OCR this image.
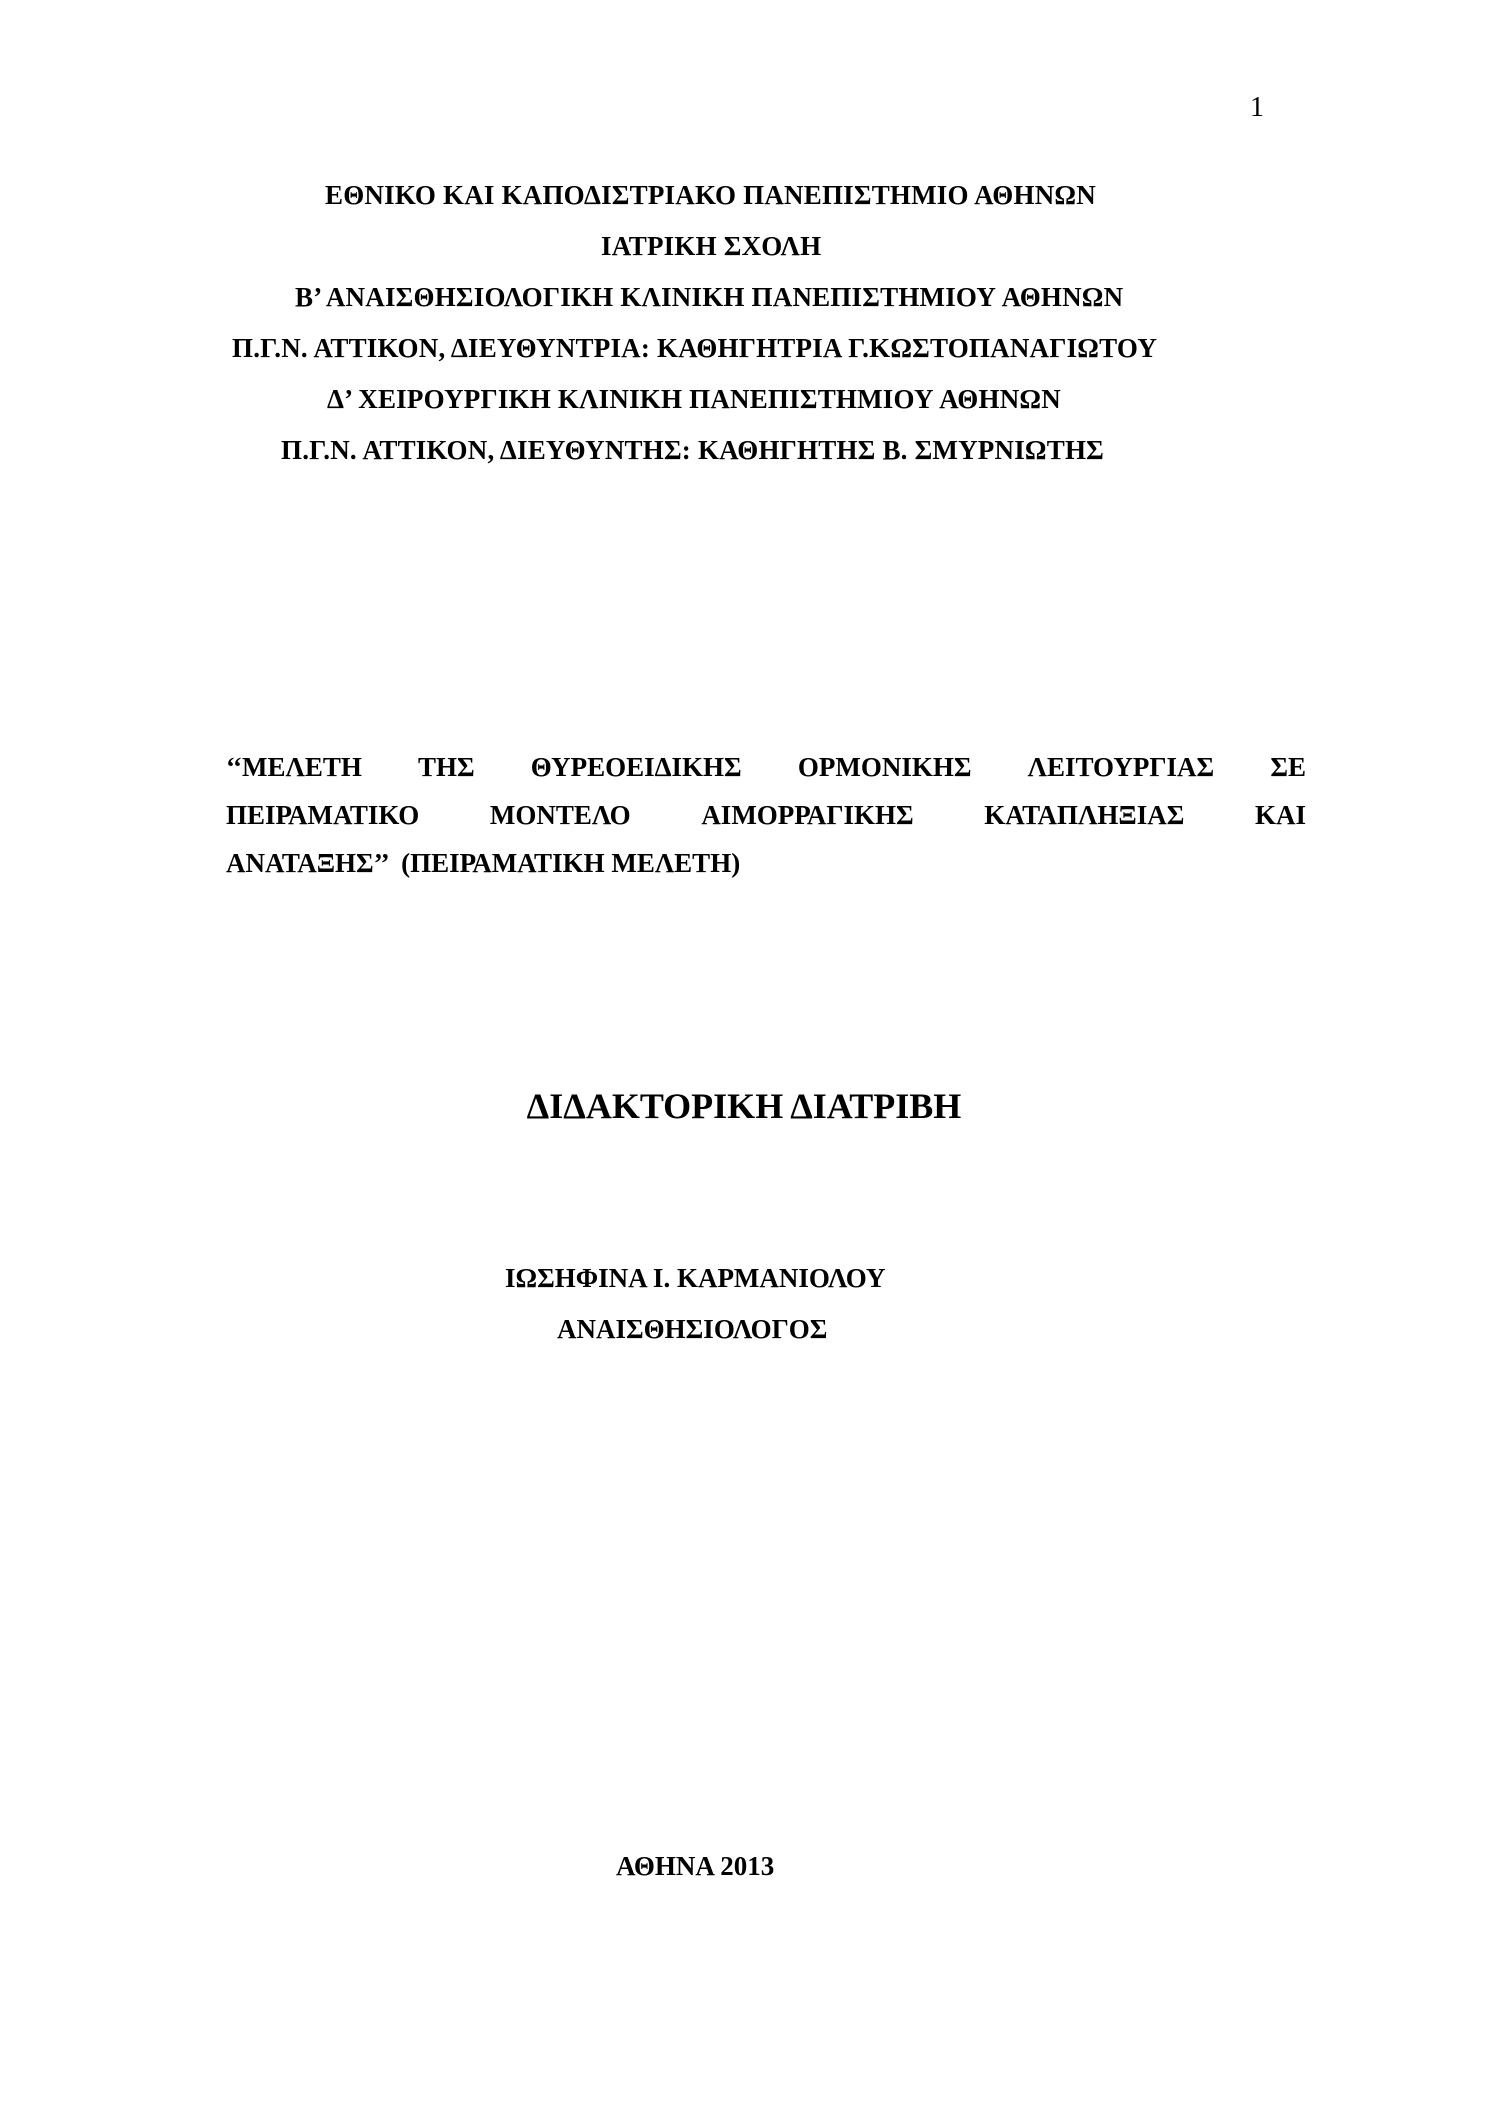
1
ΕΘΝΙΚΟ ΚΑΙ ΚΑΠΟΔΙΣΤΡΙΑΚΟ ΠΑΝΕΠΙΣΤΗΜΙΟ ΑΘΗΝΩΝ
ΙΑΤΡΙΚΗ ΣΧΟΛΗ
Β’ ΑΝΑΙΣΘΗΣΙΟΛΟΓΙΚΗ ΚΛΙΝΙΚΗ ΠΑΝΕΠΙΣΤΗΜΙΟΥ ΑΘΗΝΩΝ
Π.Γ.Ν. ΑΤΤΙΚΟΝ, ΔΙΕΥΘΥΝΤΡΙΑ: ΚΑΘΗΓΗΤΡΙΑ Γ.ΚΩΣΤΟΠΑΝΑΓΙΩΤΟΥ
Δ’ ΧΕΙΡΟΥΡΓΙΚΗ ΚΛΙΝΙΚΗ ΠΑΝΕΠΙΣΤΗΜΙΟΥ ΑΘΗΝΩΝ
Π.Γ.Ν. ΑΤΤΙΚΟΝ, ΔΙΕΥΘΥΝΤΗΣ: ΚΑΘΗΓΗΤΗΣ Β. ΣΜΥΡΝΙΩΤΗΣ
‘‘ΜΕΛΕΤΗ ΤΗΣ ΘΥΡΕΟΕΙΔΙΚΗΣ ΟΡΜΟΝΙΚΗΣ ΛΕΙΤΟΥΡΓΙΑΣ ΣΕ
ΠΕΙΡΑΜΑΤΙΚΟ	ΜΟΝΤΕΛΟ	ΑΙΜΟΡΡΑΓΙΚΗΣ	ΚΑΤΑΠΛΗΞΙΑΣ	ΚΑΙ
ΑΝΑΤΑΞΗΣ’’  (ΠΕΙΡΑΜΑΤΙΚΗ ΜΕΛΕΤΗ)
ΔΙΔΑΚΤΟΡΙΚΗ ΔΙΑΤΡΙΒΗ
ΙΩΣΗΦΙΝΑ Ι. ΚΑΡΜΑΝΙΟΛΟΥ
ΑΝΑΙΣΘΗΣΙΟΛΟΓΟΣ
ΑΘΗΝΑ 2013
